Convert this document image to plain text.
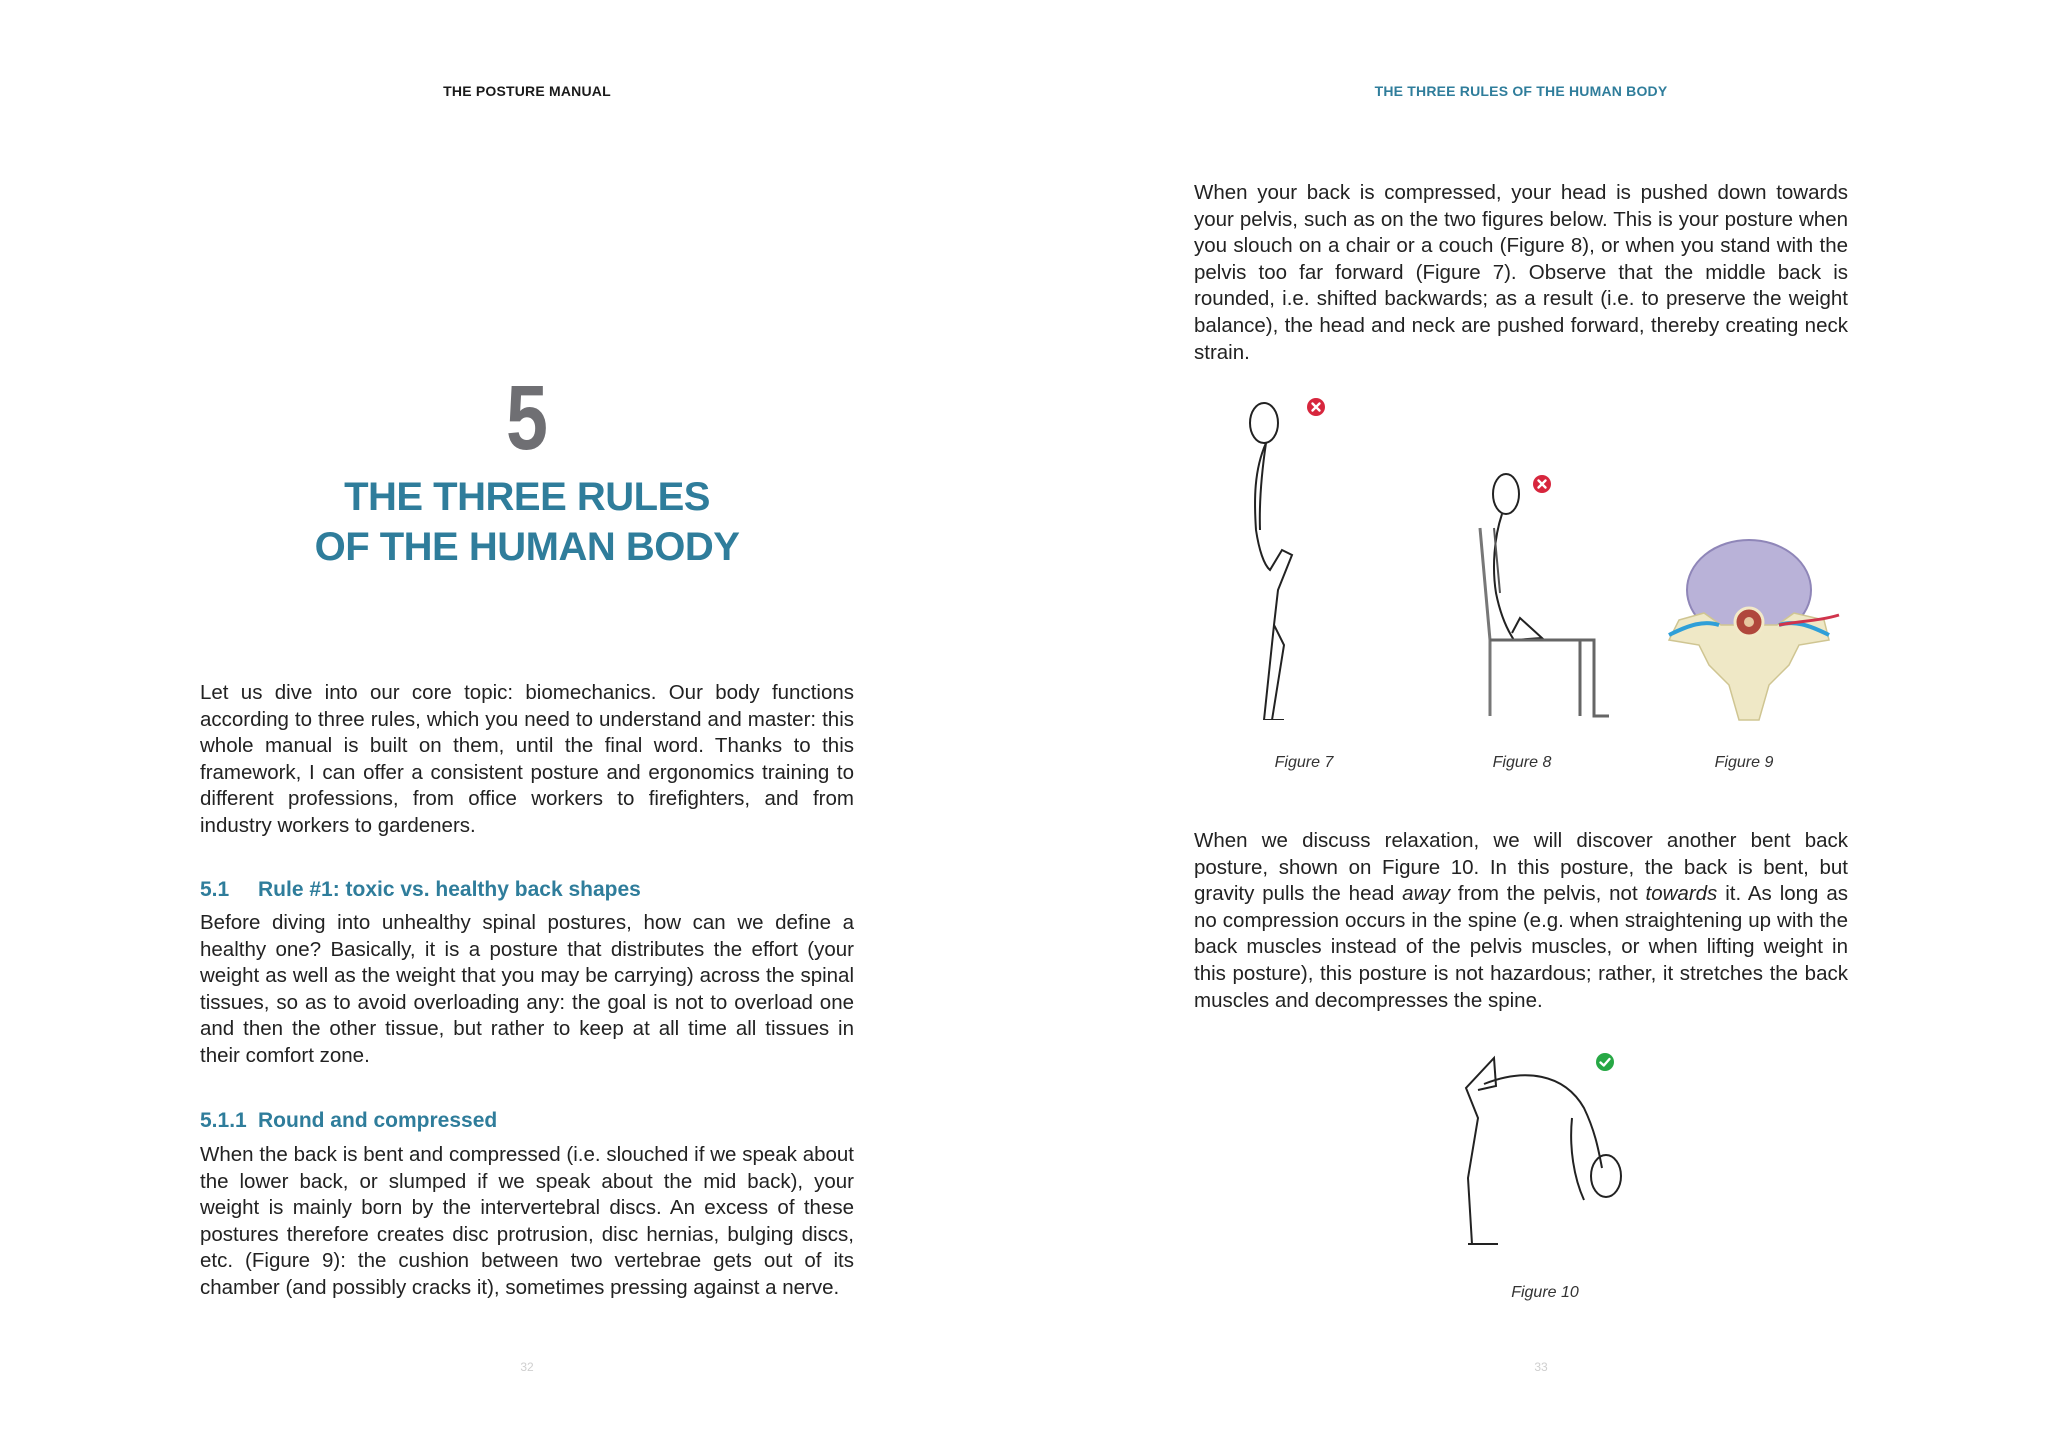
THE POSTURE MANUAL
5
THE THREE RULES
OF THE HUMAN BODY

Let us dive into our core topic: biomechanics. Our body functions according to three rules, which you need to understand and master: this whole manual is built on them, until the final word. Thanks to this framework, I can offer a consistent posture and ergonomics training to different professions, from office workers to firefighters, and from industry workers to gardeners.

5.1 Rule #1: toxic vs. healthy back shapes

Before diving into unhealthy spinal postures, how can we define a healthy one? Basically, it is a posture that distributes the effort (your weight as well as the weight that you may be carrying) across the spinal tissues, so as to avoid overloading any: the goal is not to overload one and then the other tissue, but rather to keep at all time all tissues in their comfort zone.

5.1.1 Round and compressed

When the back is bent and compressed (i.e. slouched if we speak about the lower back, or slumped if we speak about the mid back), your weight is mainly born by the intervertebral discs. An excess of these postures therefore creates disc protrusion, disc hernias, bulging discs, etc. (Figure 9): the cushion between two vertebrae gets out of its chamber (and possibly cracks it), sometimes pressing against a nerve.

32
THE THREE RULES OF THE HUMAN BODY

When your back is compressed, your head is pushed down towards your pelvis, such as on the two figures below. This is your posture when you slouch on a chair or a couch (Figure 8), or when you stand with the pelvis too far forward (Figure 7). Observe that the middle back is rounded, i.e. shifted backwards; as a result (i.e. to preserve the weight balance), the head and neck are pushed forward, thereby creating neck strain.

Figure 7	Figure 8	Figure 9

When we discuss relaxation, we will discover another bent back posture, shown on Figure 10. In this posture, the back is bent, but gravity pulls the head away from the pelvis, not towards it. As long as no compression occurs in the spine (e.g. when straightening up with the back muscles instead of the pelvis muscles, or when lifting weight in this posture), this posture is not hazardous; rather, it stretches the back muscles and decompresses the spine.

Figure 10
33
